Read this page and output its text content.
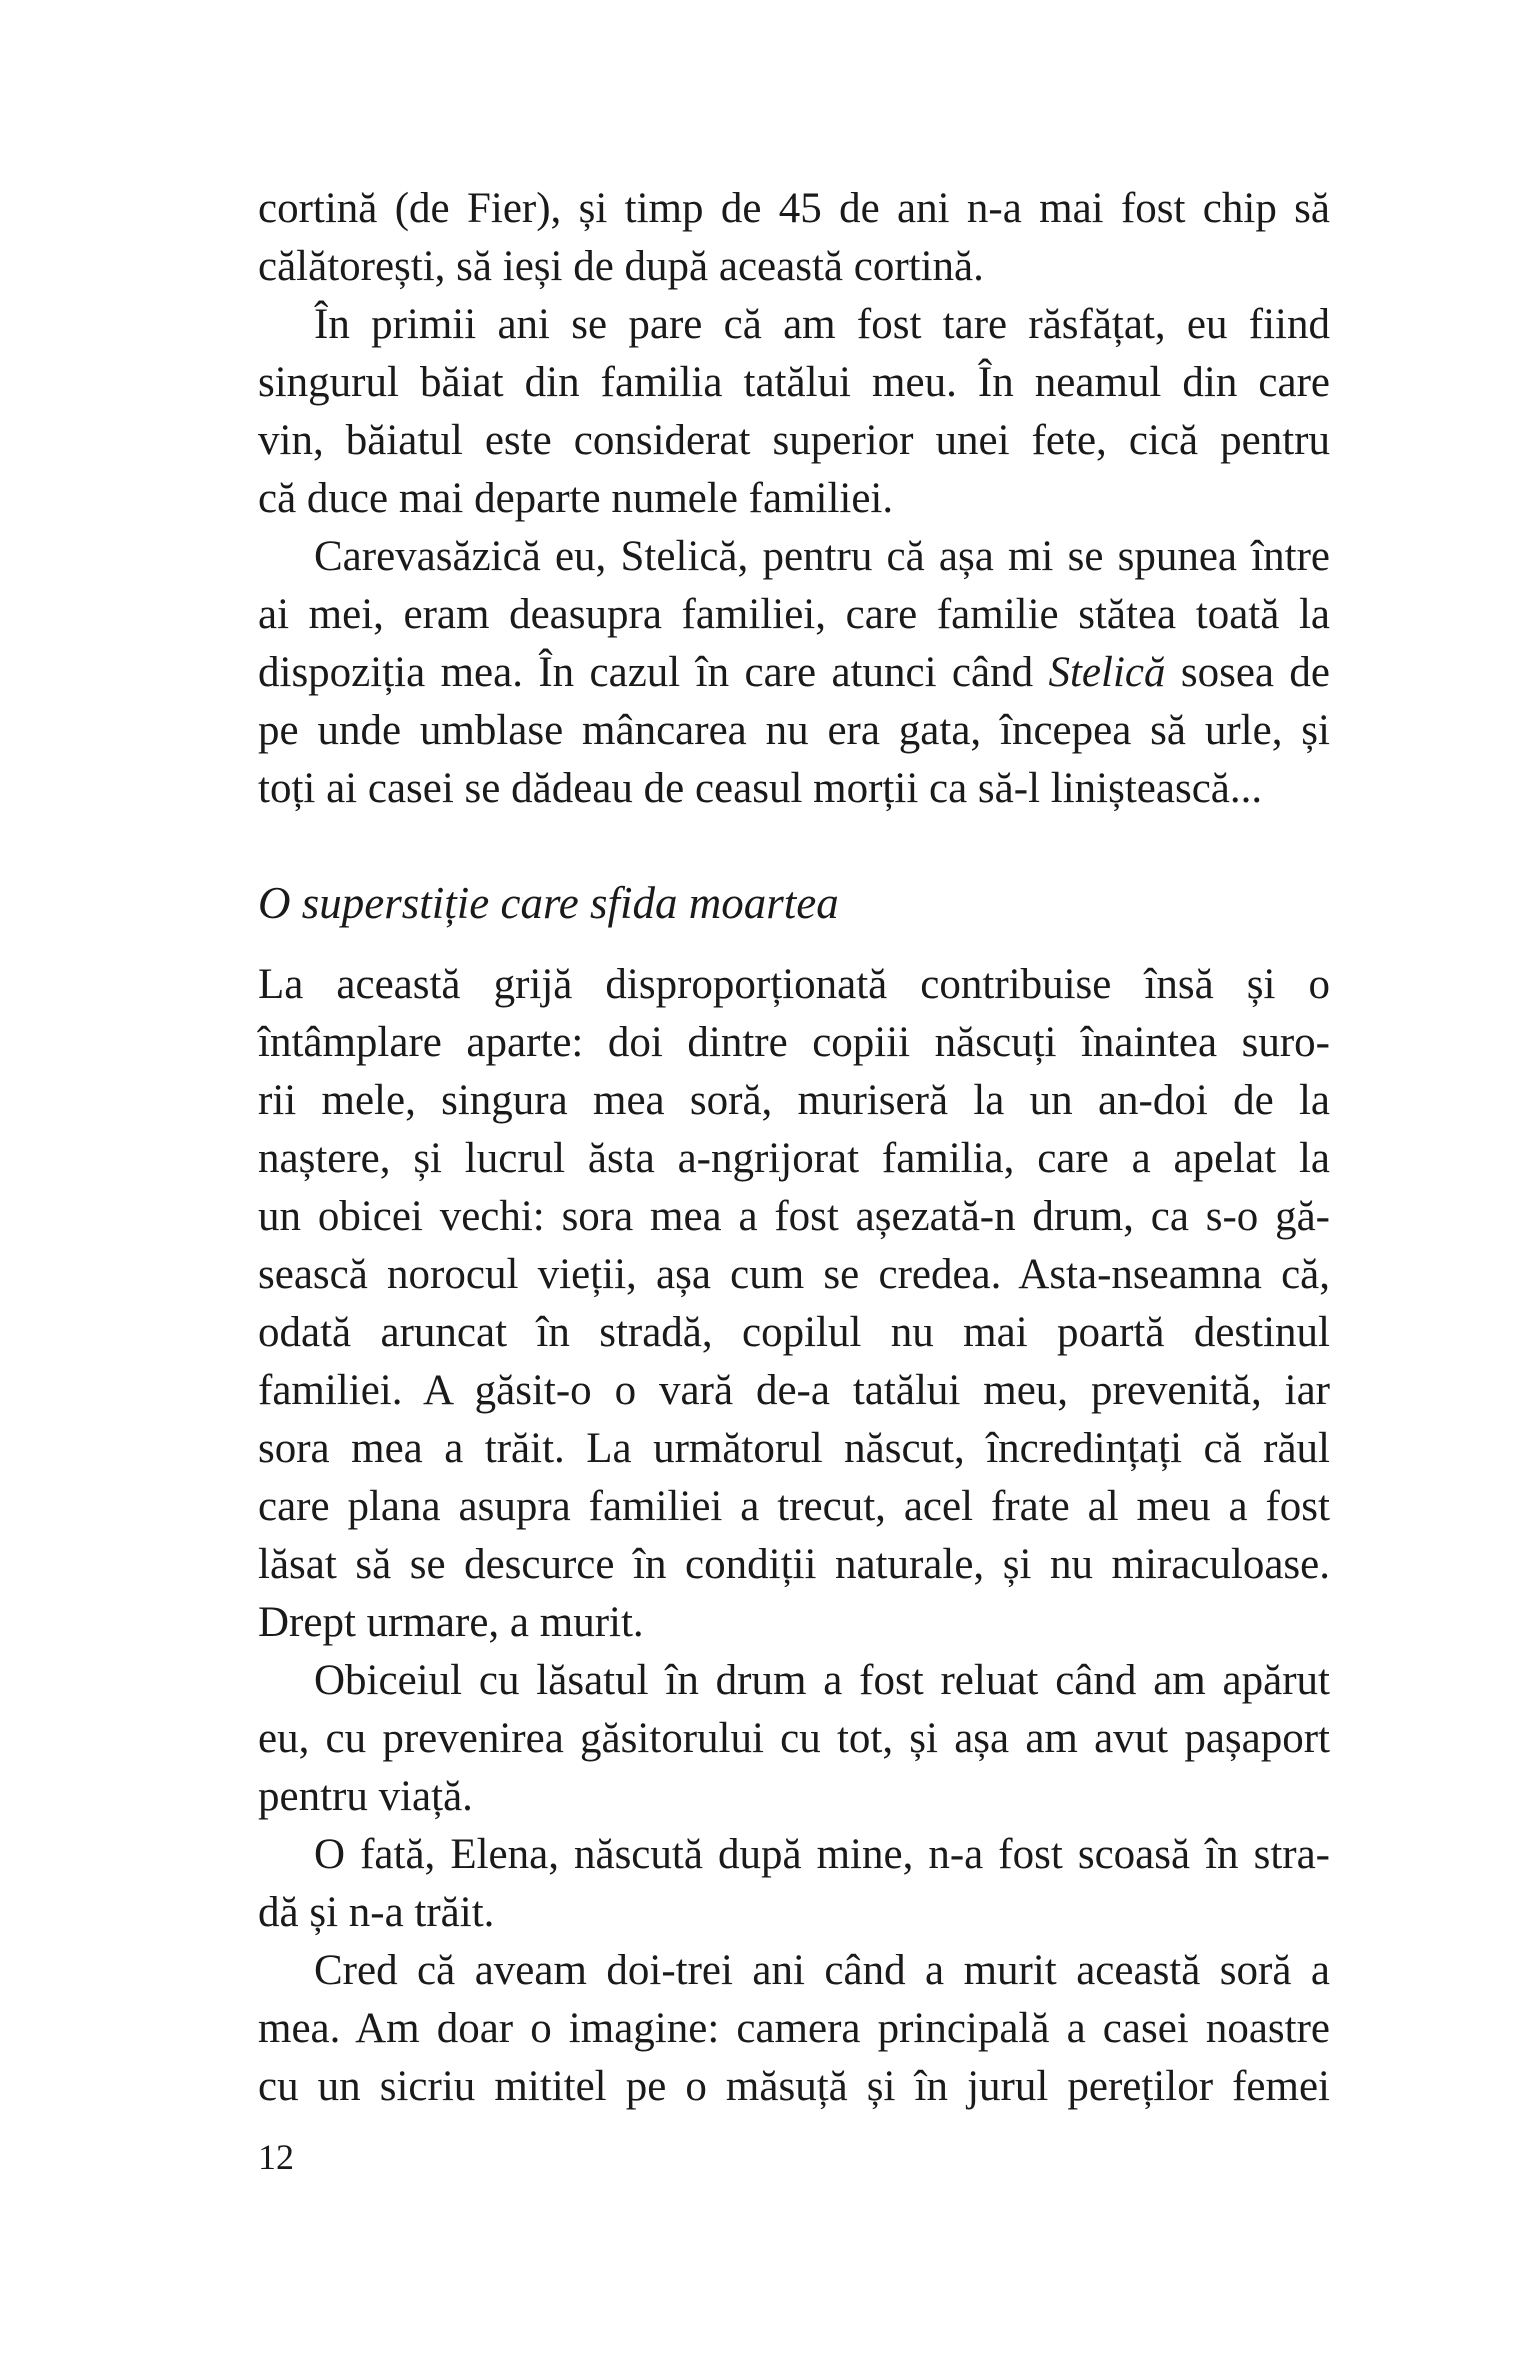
cortină (de Fier), și timp de 45 de ani n-a mai fost chip să
călătorești, să ieși de după această cortină.
În primii ani se pare că am fost tare răsfățat, eu fiind
singurul băiat din familia tatălui meu. În neamul din care
vin, băiatul este considerat superior unei fete, cică pentru
că duce mai departe numele familiei.
Carevasăzică eu, Stelică, pentru că așa mi se spunea între
ai mei, eram deasupra familiei, care familie stătea toată la
dispoziția mea. În cazul în care atunci când Stelică sosea de
pe unde umblase mâncarea nu era gata, începea să urle, și
toți ai casei se dădeau de ceasul morții ca să-l liniștească...
O superstiție care sfida moartea
La această grijă disproporționată contribuise însă și o
întâmplare aparte: doi dintre copiii născuți înaintea suro-
rii mele, singura mea soră, muriseră la un an-doi de la
naștere, și lucrul ăsta a-ngrijorat familia, care a apelat la
un obicei vechi: sora mea a fost așezată-n drum, ca s-o gă-
sească norocul vieții, așa cum se credea. Asta-nseamna că,
odată aruncat în stradă, copilul nu mai poartă destinul
familiei. A găsit-o o vară de-a tatălui meu, prevenită, iar
sora mea a trăit. La următorul născut, încredințați că răul
care plana asupra familiei a trecut, acel frate al meu a fost
lăsat să se descurce în condiții naturale, și nu miraculoase.
Drept urmare, a murit.
Obiceiul cu lăsatul în drum a fost reluat când am apărut
eu, cu prevenirea găsitorului cu tot, și așa am avut pașaport
pentru viață.
O fată, Elena, născută după mine, n-a fost scoasă în stra-
dă și n-a trăit.
Cred că aveam doi-trei ani când a murit această soră a
mea. Am doar o imagine: camera principală a casei noastre
cu un sicriu mititel pe o măsuță și în jurul pereților femei
12
